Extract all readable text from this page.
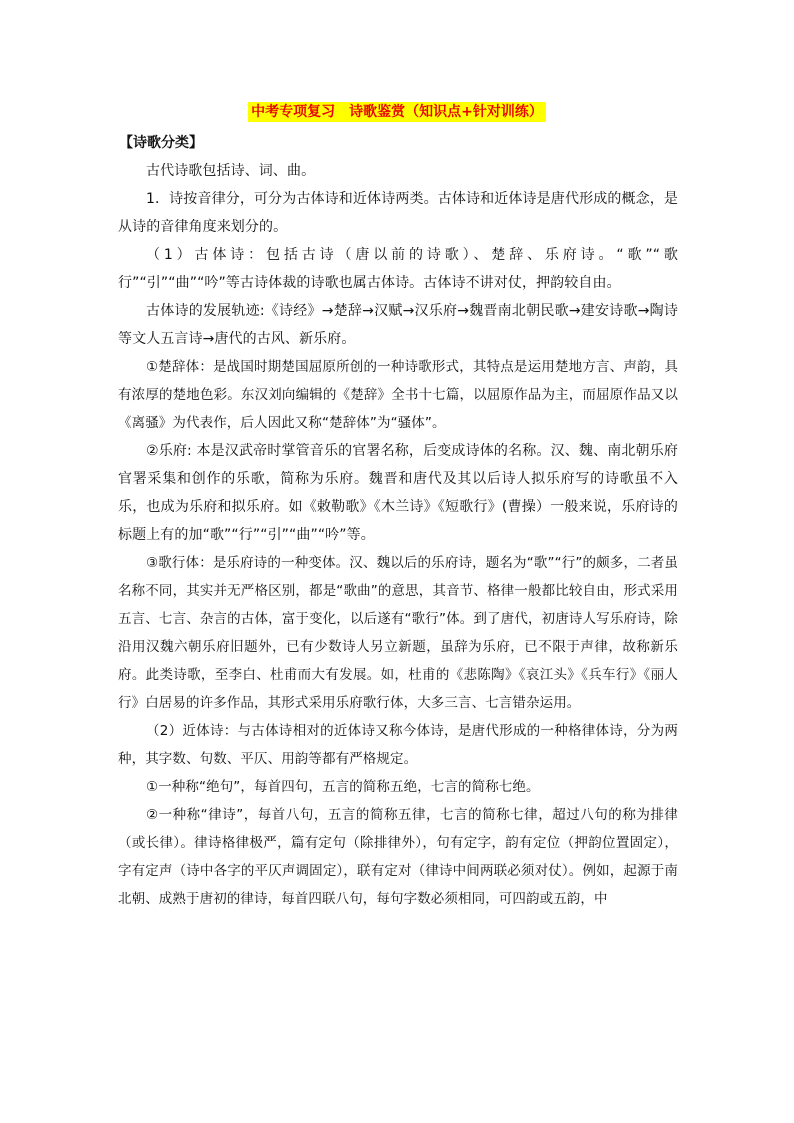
中考专项复习　诗歌鉴赏（知识点+针对训练）
【诗歌分类】

古代诗歌包括诗、词、曲。

1．诗按音律分，可分为古体诗和近体诗两类。古体诗和近体诗是唐代形成的概念，是从诗的音律角度来划分的。

（1）古体诗：包括古诗（唐以前的诗歌）、楚辞、乐府诗。“歌”“歌行”“引”“曲”“吟”等古诗体裁的诗歌也属古体诗。古体诗不讲对仗，押韵较自由。

古体诗的发展轨迹:《诗经》→楚辞→汉赋→汉乐府→魏晋南北朝民歌→建安诗歌→陶诗等文人五言诗→唐代的古风、新乐府。

①楚辞体：是战国时期楚国屈原所创的一种诗歌形式，其特点是运用楚地方言、声韵，具有浓厚的楚地色彩。东汉刘向编辑的《楚辞》全书十七篇，以屈原作品为主，而屈原作品又以《离骚》为代表作，后人因此又称“楚辞体”为“骚体”。

②乐府: 本是汉武帝时掌管音乐的官署名称，后变成诗体的名称。汉、魏、南北朝乐府官署采集和创作的乐歌，简称为乐府。魏晋和唐代及其以后诗人拟乐府写的诗歌虽不入乐，也成为乐府和拟乐府。如《敕勒歌》《木兰诗》《短歌行》(曹操）一般来说，乐府诗的标题上有的加“歌”“行”“引”“曲”“吟”等。

③歌行体：是乐府诗的一种变体。汉、魏以后的乐府诗，题名为“歌”“行”的颇多，二者虽名称不同，其实并无严格区别，都是“歌曲”的意思，其音节、格律一般都比较自由，形式采用五言、七言、杂言的古体，富于变化，以后遂有“歌行”体。到了唐代，初唐诗人写乐府诗，除沿用汉魏六朝乐府旧题外，已有少数诗人另立新题，虽辞为乐府，已不限于声律，故称新乐府。此类诗歌，至李白、杜甫而大有发展。如，杜甫的《悲陈陶》《哀江头》《兵车行》《丽人行》白居易的许多作品，其形式采用乐府歌行体，大多三言、七言错杂运用。

（2）近体诗：与古体诗相对的近体诗又称今体诗，是唐代形成的一种格律体诗，分为两种，其字数、句数、平仄、用韵等都有严格规定。

①一种称“绝句”，每首四句，五言的简称五绝，七言的简称七绝。

②一种称“律诗”，每首八句，五言的简称五律，七言的简称七律，超过八句的称为排律（或长律）。律诗格律极严，篇有定句（除排律外），句有定字，韵有定位（押韵位置固定），字有定声（诗中各字的平仄声调固定），联有定对（律诗中间两联必须对仗）。例如，起源于南北朝、成熟于唐初的律诗，每首四联八句，每句字数必须相同，可四韵或五韵，中
